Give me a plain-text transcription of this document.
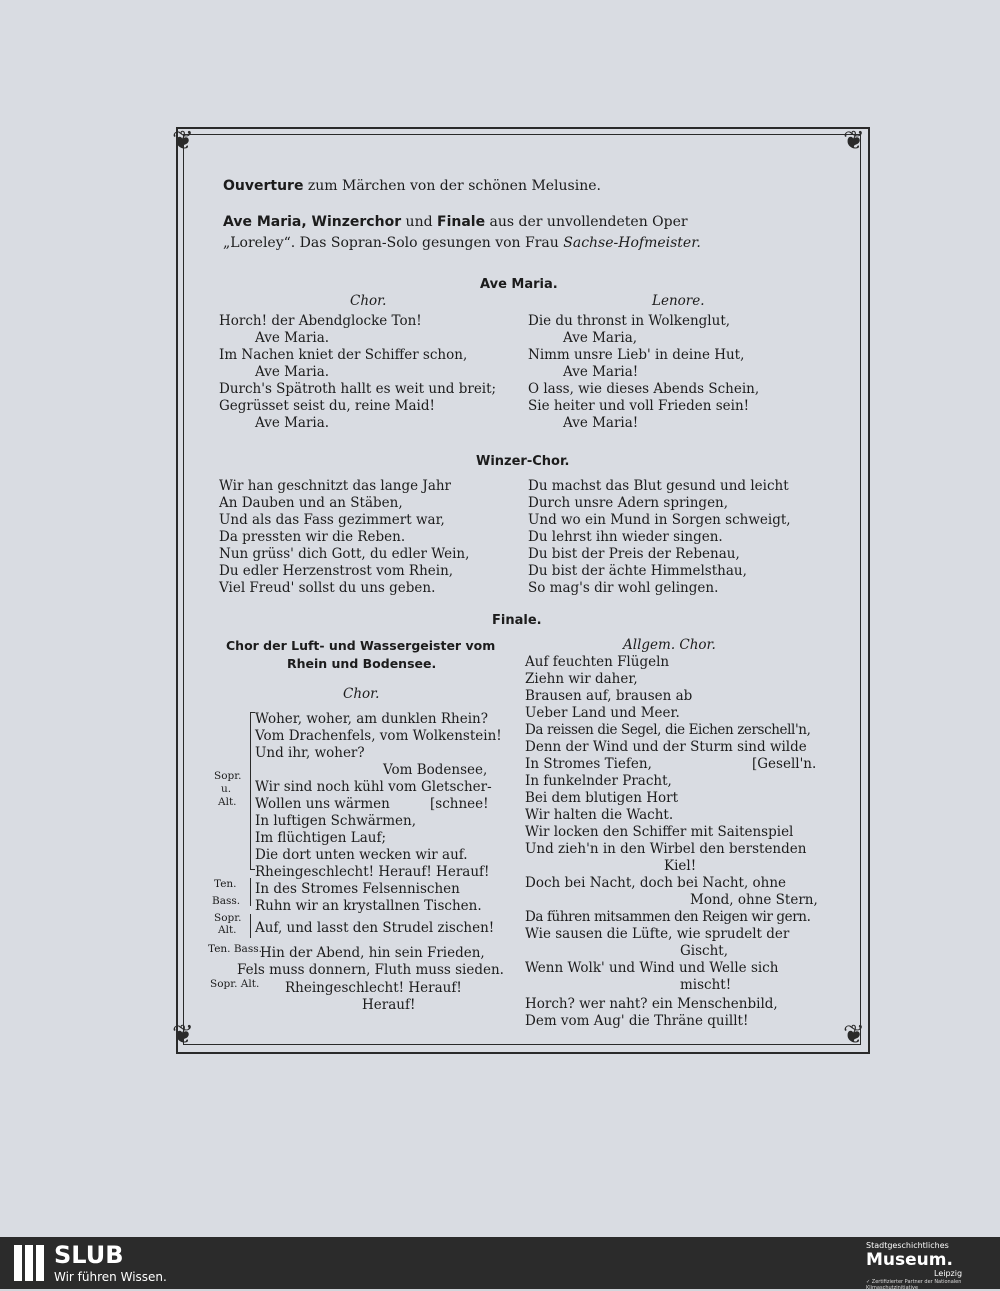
❦	❦
❦	❦
Ouverture zum Märchen von der schönen Melusine.
Ave Maria, Winzerchor und Finale aus der unvollendeten Oper
„Loreley“. Das Sopran-Solo gesungen von Frau Sachse-Hofmeister.
Ave Maria.
Chor.	Lenore.
Horch! der Abendglocke Ton!
Ave Maria.
Im Nachen kniet der Schiffer schon,
Ave Maria.
Durch's Spätroth hallt es weit und breit;
Gegrüsset seist du, reine Maid!
Ave Maria.
Die du thronst in Wolkenglut,
Ave Maria,
Nimm unsre Lieb' in deine Hut,
Ave Maria!
O lass, wie dieses Abends Schein,
Sie heiter und voll Frieden sein!
Ave Maria!
Winzer-Chor.
Wir han geschnitzt das lange Jahr
An Dauben und an Stäben,
Und als das Fass gezimmert war,
Da pressten wir die Reben.
Nun grüss' dich Gott, du edler Wein,
Du edler Herzenstrost vom Rhein,
Viel Freud' sollst du uns geben.
Du machst das Blut gesund und leicht
Durch unsre Adern springen,
Und wo ein Mund in Sorgen schweigt,
Du lehrst ihn wieder singen.
Du bist der Preis der Rebenau,
Du bist der ächte Himmelsthau,
So mag's dir wohl gelingen.
Finale.
Chor der Luft- und Wassergeister vom
Rhein und Bodensee.
Chor.
Allgem. Chor.
Sopr.
u.
Alt.
Ten.
Bass.
Sopr.
Alt.
Ten. Bass.
Sopr. Alt.
Woher, woher, am dunklen Rhein?
Vom Drachenfels, vom Wolkenstein!
Und ihr, woher?
Vom Bodensee,
Wir sind noch kühl vom Gletscher-
Wollen uns wärmen	[schnee!
In luftigen Schwärmen,
Im flüchtigen Lauf;
Die dort unten wecken wir auf.
Rheingeschlecht! Herauf! Herauf!
In des Stromes Felsennischen
Ruhn wir an krystallnen Tischen.
Auf, und lasst den Strudel zischen!
Hin der Abend, hin sein Frieden,
Fels muss donnern, Fluth muss sieden.
Rheingeschlecht! Herauf!
Herauf!
Auf feuchten Flügeln
Ziehn wir daher,
Brausen auf, brausen ab
Ueber Land und Meer.
Da reissen die Segel, die Eichen zerschell'n,
Denn der Wind und der Sturm sind wilde
In Stromes Tiefen,	[Gesell'n.
In funkelnder Pracht,
Bei dem blutigen Hort
Wir halten die Wacht.
Wir locken den Schiffer mit Saitenspiel
Und zieh'n in den Wirbel den berstenden
Kiel!
Doch bei Nacht, doch bei Nacht, ohne
Mond, ohne Stern,
Da führen mitsammen den Reigen wir gern.
Wie sausen die Lüfte, wie sprudelt der
Gischt,
Wenn Wolk' und Wind und Welle sich
mischt!
Horch? wer naht? ein Menschenbild,
Dem vom Aug' die Thräne quillt!
SLUB
Wir führen Wissen.
Stadtgeschichtliches
Museum.
Leipzig
✓ Zertifizierter Partner der Nationalen Klimaschutzinitiative
